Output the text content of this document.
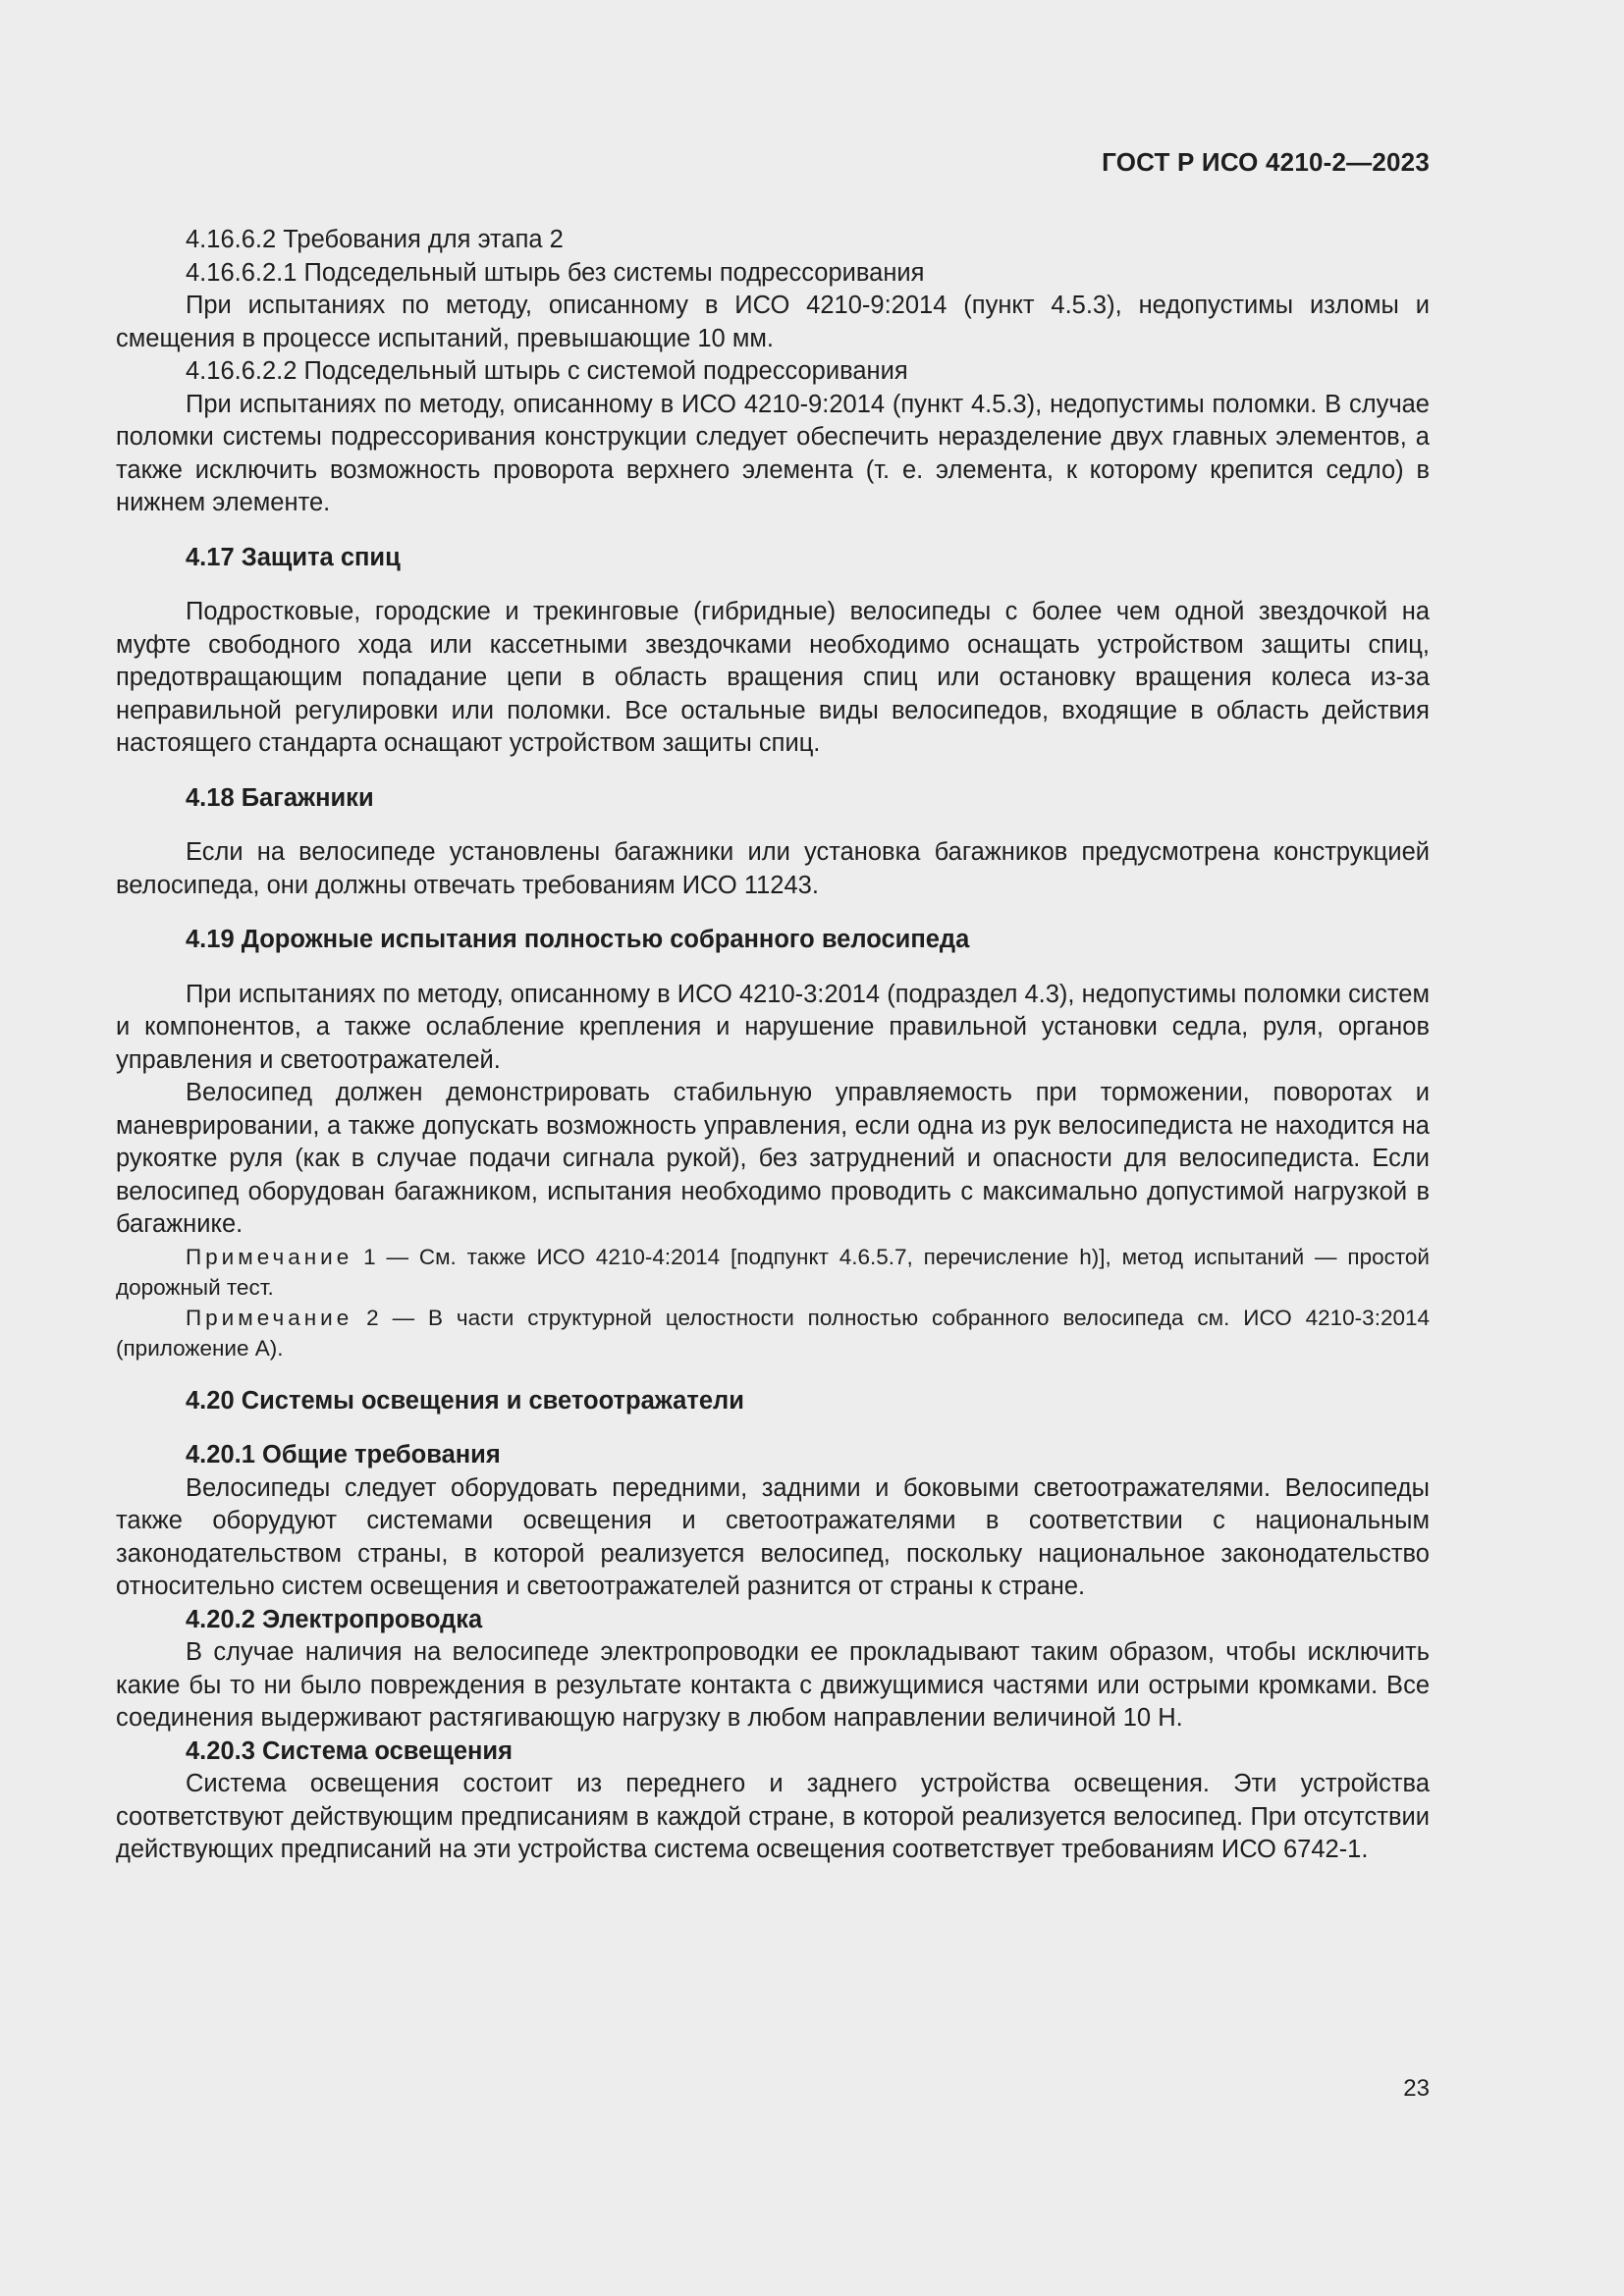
ГОСТ Р ИСО 4210-2—2023

4.16.6.2 Требования для этапа 2

4.16.6.2.1 Подседельный штырь без системы подрессоривания

При испытаниях по методу, описанному в ИСО 4210-9:2014 (пункт 4.5.3), недопустимы изломы и смещения в процессе испытаний, превышающие 10 мм.

4.16.6.2.2 Подседельный штырь с системой подрессоривания

При испытаниях по методу, описанному в ИСО 4210-9:2014 (пункт 4.5.3), недопустимы поломки. В случае поломки системы подрессоривания конструкции следует обеспечить неразделение двух главных элементов, а также исключить возможность проворота верхнего элемента (т. е. элемента, к которому крепится седло) в нижнем элементе.

4.17 Защита спиц

Подростковые, городские и трекинговые (гибридные) велосипеды с более чем одной звездочкой на муфте свободного хода или кассетными звездочками необходимо оснащать устройством защиты спиц, предотвращающим попадание цепи в область вращения спиц или остановку вращения колеса из-за неправильной регулировки или поломки. Все остальные виды велосипедов, входящие в область действия настоящего стандарта оснащают устройством защиты спиц.

4.18 Багажники

Если на велосипеде установлены багажники или установка багажников предусмотрена конструкцией велосипеда, они должны отвечать требованиям ИСО 11243.

4.19 Дорожные испытания полностью собранного велосипеда

При испытаниях по методу, описанному в ИСО 4210-3:2014 (подраздел 4.3), недопустимы поломки систем и компонентов, а также ослабление крепления и нарушение правильной установки седла, руля, органов управления и светоотражателей.

Велосипед должен демонстрировать стабильную управляемость при торможении, поворотах и маневрировании, а также допускать возможность управления, если одна из рук велосипедиста не находится на рукоятке руля (как в случае подачи сигнала рукой), без затруднений и опасности для велосипедиста. Если велосипед оборудован багажником, испытания необходимо проводить с максимально допустимой нагрузкой в багажнике.

Примечание 1 — См. также ИСО 4210-4:2014 [подпункт 4.6.5.7, перечисление h)], метод испытаний — простой дорожный тест.

Примечание 2 — В части структурной целостности полностью собранного велосипеда см. ИСО 4210-3:2014 (приложение А).

4.20 Системы освещения и светоотражатели

4.20.1 Общие требования

Велосипеды следует оборудовать передними, задними и боковыми светоотражателями. Велосипеды также оборудуют системами освещения и светоотражателями в соответствии с национальным законодательством страны, в которой реализуется велосипед, поскольку национальное законодательство относительно систем освещения и светоотражателей разнится от страны к стране.

4.20.2 Электропроводка

В случае наличия на велосипеде электропроводки ее прокладывают таким образом, чтобы исключить какие бы то ни было повреждения в результате контакта с движущимися частями или острыми кромками. Все соединения выдерживают растягивающую нагрузку в любом направлении величиной 10 Н.

4.20.3 Система освещения

Система освещения состоит из переднего и заднего устройства освещения. Эти устройства соответствуют действующим предписаниям в каждой стране, в которой реализуется велосипед. При отсутствии действующих предписаний на эти устройства система освещения соответствует требованиям ИСО 6742-1.

23
